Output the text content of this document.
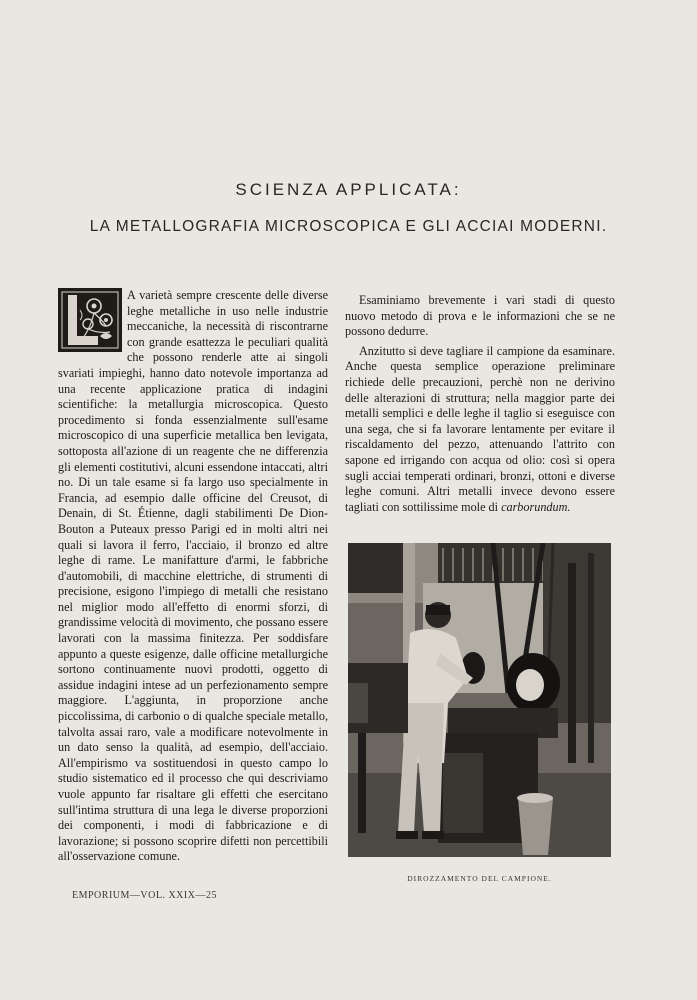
SCIENZA APPLICATA:
LA METALLOGRAFIA MICROSCOPICA E GLI ACCIAI MODERNI.

A varietà sempre crescente delle diverse leghe metalliche in uso nelle industrie meccaniche, la necessità di riscontrarne con grande esattezza le peculiari qualità che possono renderle atte ai singoli svariati impieghi, hanno dato notevole importanza ad una recente applicazione pratica di indagini scientifiche: la metallurgia microscopica. Questo procedimento si fonda essenzialmente sull'esame microscopico di una superficie metallica ben levigata, sottoposta all'azione di un reagente che ne differenzia gli elementi costitutivi, alcuni essendone intaccati, altri no. Di un tale esame si fa largo uso specialmente in Francia, ad esempio dalle officine del Creusot, di Denain, di St. Étienne, dagli stabilimenti De Dion-Bouton a Puteaux presso Parigi ed in molti altri nei quali si lavora il ferro, l'acciaio, il bronzo ed altre leghe di rame. Le manifatture d'armi, le fabbriche d'automobili, di macchine elettriche, di strumenti di precisione, esigono l'impiego di metalli che resistano nel miglior modo all'effetto di enormi sforzi, di grandissime velocità di movimento, che possano essere lavorati con la massima finitezza. Per soddisfare appunto a queste esigenze, dalle officine metallurgiche sortono continuamente nuovi prodotti, oggetto di assidue indagini intese ad un perfezionamento sempre maggiore. L'aggiunta, in proporzione anche piccolissima, di carbonio o di qualche speciale metallo, talvolta assai raro, vale a modificare notevolmente in un dato senso la qualità, ad esempio, dell'acciaio. All'empirismo va sostituendosi in questo campo lo studio sistematico ed il processo che qui descriviamo vuole appunto far risaltare gli effetti che esercitano sull'intima struttura di una lega le diverse proporzioni dei componenti, i modi di fabbricazione e di lavorazione; si possono scoprire difetti non percettibili all'osservazione comune.

Esaminiamo brevemente i vari stadi di questo nuovo metodo di prova e le informazioni che se ne possono dedurre.

Anzitutto si deve tagliare il campione da esaminare. Anche questa semplice operazione preliminare richiede delle precauzioni, perchè non ne derivino delle alterazioni di struttura; nella maggior parte dei metalli semplici e delle leghe il taglio si eseguisce con una sega, che si fa lavorare lentamente per evitare il riscaldamento del pezzo, attenuando l'attrito con sapone ed irrigando con acqua od olio: così si opera sugli acciai temperati ordinari, bronzi, ottoni e diverse leghe comuni. Altri metalli invece devono essere tagliati con sottilissime mole di carborundum.

DIROZZAMENTO DEL CAMPIONE.
EMPORIUM—VOL. XXIX—25
